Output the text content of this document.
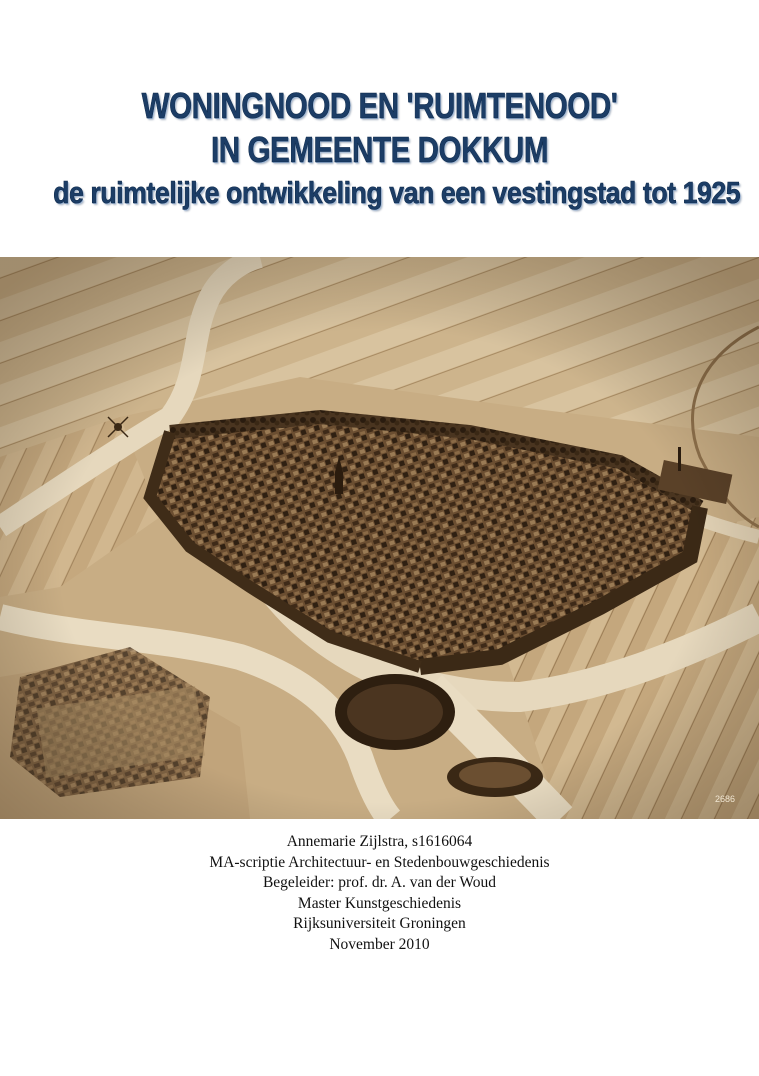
WONINGNOOD EN 'RUIMTENOOD'
IN GEMEENTE DOKKUM
de ruimtelijke ontwikkeling van een vestingstad tot 1925
2686
Annemarie Zijlstra, s1616064
MA-scriptie Architectuur- en Stedenbouwgeschiedenis
Begeleider: prof. dr. A. van der Woud
Master Kunstgeschiedenis
Rijksuniversiteit Groningen
November 2010
